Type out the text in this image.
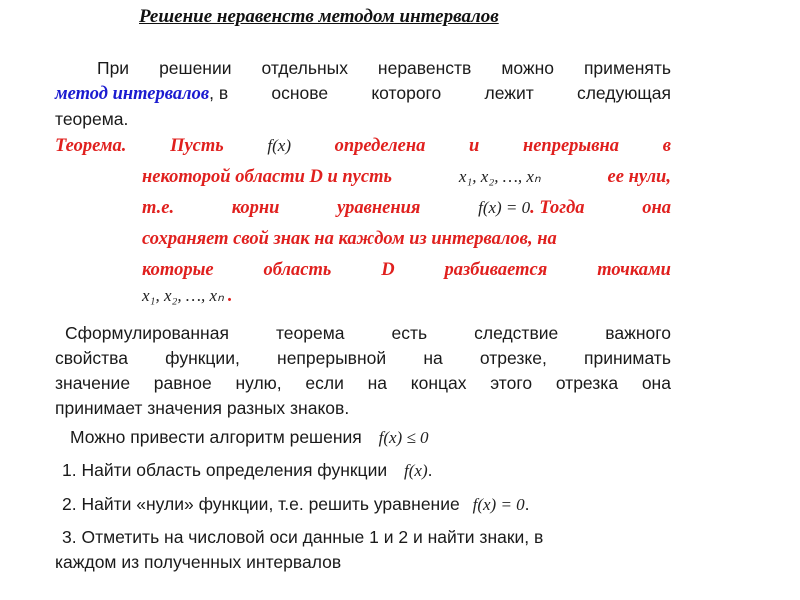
Решение неравенств методом интервалов
При решении отдельных неравенств можно применять
метод интервалов, в основе которого лежит следующая
теорема.
Теорема. Пусть	f(x) определена и непрерывна в
некоторой области D и пусть	x₁, x₂, …, xₙ	ее нули,
т.е.	корни	уравнения	f(x) = 0. Тогда	она
сохраняет свой знак на каждом из интервалов, на
которые	область	D	разбивается	точками
x₁, x₂, …, xₙ .
Сформулированная	теорема	есть	следствие	важного
свойства функции, непрерывной на отрезке, принимать
значение равное нулю, если на концах этого отрезка она
принимает значения разных знаков.
Можно привести алгоритм решения f(x) ≤ 0
1. Найти область определения функции f(x).
2. Найти «нули» функции, т.е. решить уравнение f(x) = 0.
3. Отметить на числовой оси данные 1 и 2 и найти знаки, в
каждом из полученных интервалов
